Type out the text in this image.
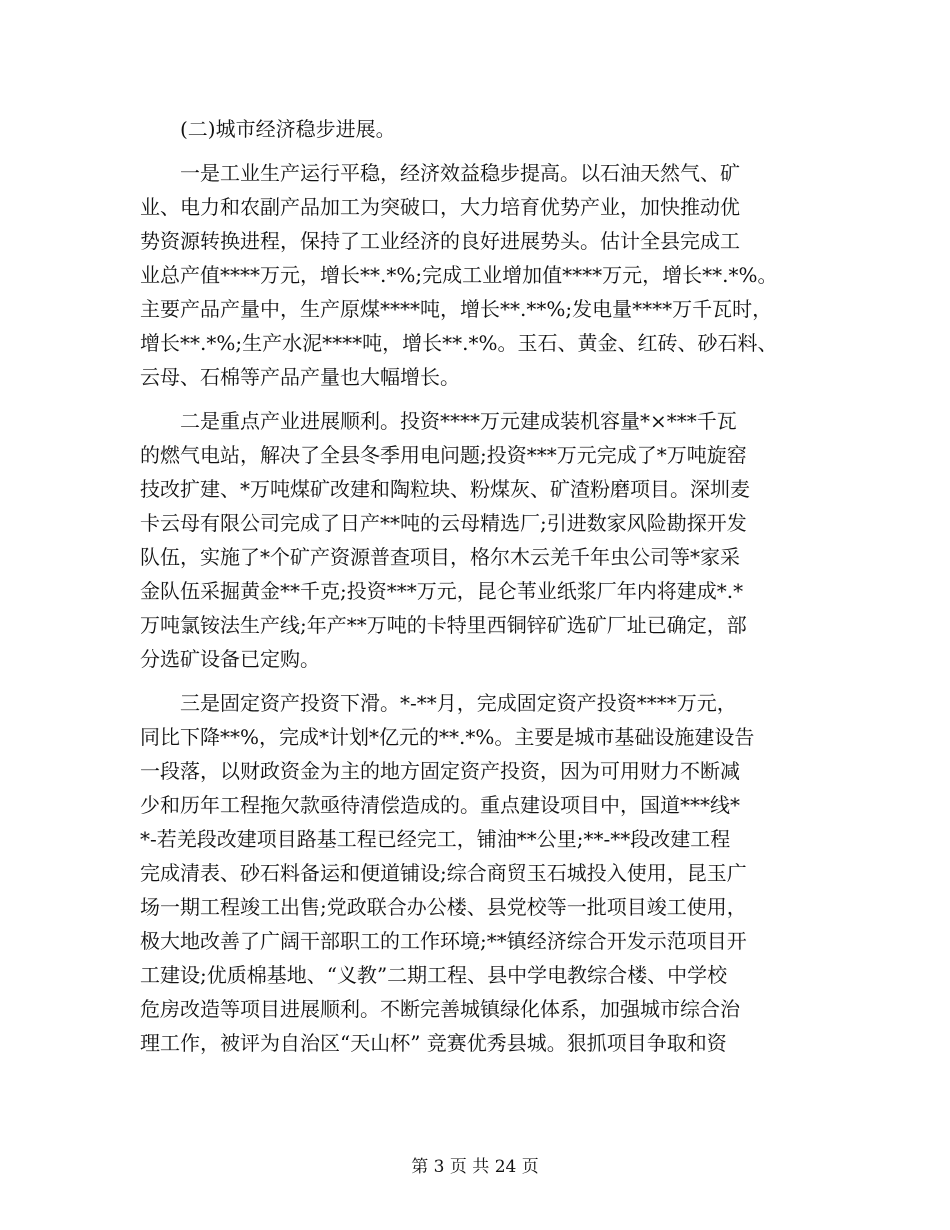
(二)城市经济稳步进展。
一是工业生产运行平稳，经济效益稳步提高。以石油天然气、矿
业、电力和农副产品加工为突破口，大力培育优势产业，加快推动优
势资源转换进程，保持了工业经济的良好进展势头。估计全县完成工
业总产值****万元，增长**.*%;完成工业增加值****万元，增长**.*%。
主要产品产量中，生产原煤****吨，增长**.**%;发电量****万千瓦时，
增长**.*%;生产水泥****吨，增长**.*%。玉石、黄金、红砖、砂石料、
云母、石棉等产品产量也大幅增长。
二是重点产业进展顺利。投资****万元建成装机容量*×***千瓦
的燃气电站，解决了全县冬季用电问题;投资***万元完成了*万吨旋窑
技改扩建、*万吨煤矿改建和陶粒块、粉煤灰、矿渣粉磨项目。深圳麦
卡云母有限公司完成了日产**吨的云母精选厂;引进数家风险勘探开发
队伍，实施了*个矿产资源普查项目，格尔木云羌千年虫公司等*家采
金队伍采掘黄金**千克;投资***万元，昆仑苇业纸浆厂年内将建成*.*
万吨氯铵法生产线;年产**万吨的卡特里西铜锌矿选矿厂址已确定，部
分选矿设备已定购。
三是固定资产投资下滑。*-**月，完成固定资产投资****万元，
同比下降**%，完成*计划*亿元的**.*%。主要是城市基础设施建设告
一段落，以财政资金为主的地方固定资产投资，因为可用财力不断减
少和历年工程拖欠款亟待清偿造成的。重点建设项目中，国道***线*
*-若羌段改建项目路基工程已经完工，铺油**公里;**-**段改建工程
完成清表、砂石料备运和便道铺设;综合商贸玉石城投入使用，昆玉广
场一期工程竣工出售;党政联合办公楼、县党校等一批项目竣工使用，
极大地改善了广阔干部职工的工作环境;**镇经济综合开发示范项目开
工建设;优质棉基地、“义教”二期工程、县中学电教综合楼、中学校
危房改造等项目进展顺利。不断完善城镇绿化体系，加强城市综合治
理工作，被评为自治区“天山杯” 竞赛优秀县城。狠抓项目争取和资
第 3 页 共 24 页
